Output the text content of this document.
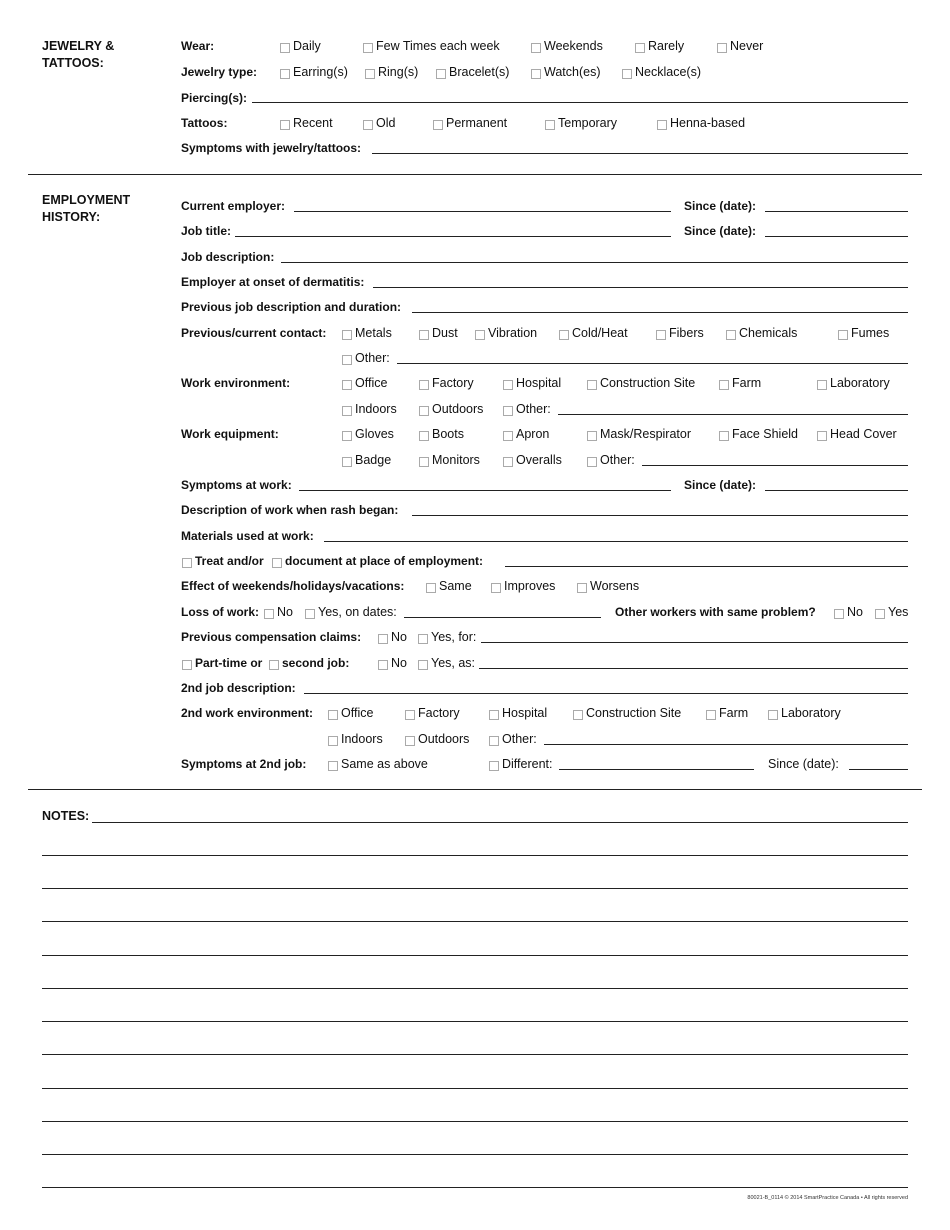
JEWELRY &
TATTOOS:
Wear:	Daily	Few Times each week	Weekends	Rarely	Never
Jewelry type:	Earring(s) Ring(s) Bracelet(s)	Watch(es)	Necklace(s)
Piercing(s):
Tattoos:	Recent	Old	Permanent	Temporary	Henna-based
Symptoms with jewelry/tattoos:
EMPLOYMENT
HISTORY:
Current employer:	Since (date):
Job title:	Since (date):
Job description:
Employer at onset of dermatitis:
Previous job description and duration:
Previous/current contact: Metals	Dust Vibration	Cold/Heat	Fibers	Chemicals	Fumes
Other:
Work environment:	Office	Factory	Hospital	Construction Site	Farm	Laboratory
Indoors	Outdoors	Other:
Work equipment:	Gloves	Boots	Apron	Mask/Respirator	Face Shield	Head Cover
Badge	Monitors	Overalls	Other:
Symptoms at work:	Since (date):
Description of work when rash began:
Materials used at work:
Treat and/or document at place of employment:
Effect of weekends/holidays/vacations:	Same	Improves	Worsens
Loss of work: No Yes, on dates:	Other workers with same problem?	No Yes
Previous compensation claims: No Yes, for:
Part-time or second job:	No Yes, as:
2nd job description:
2nd work environment: Office	Factory	Hospital	Construction Site	Farm	Laboratory
Indoors	Outdoors	Other:
Symptoms at 2nd job:	Same as above	Different:	Since (date):
NOTES:
80021-B_0114 © 2014 SmartPractice Canada • All rights reserved
